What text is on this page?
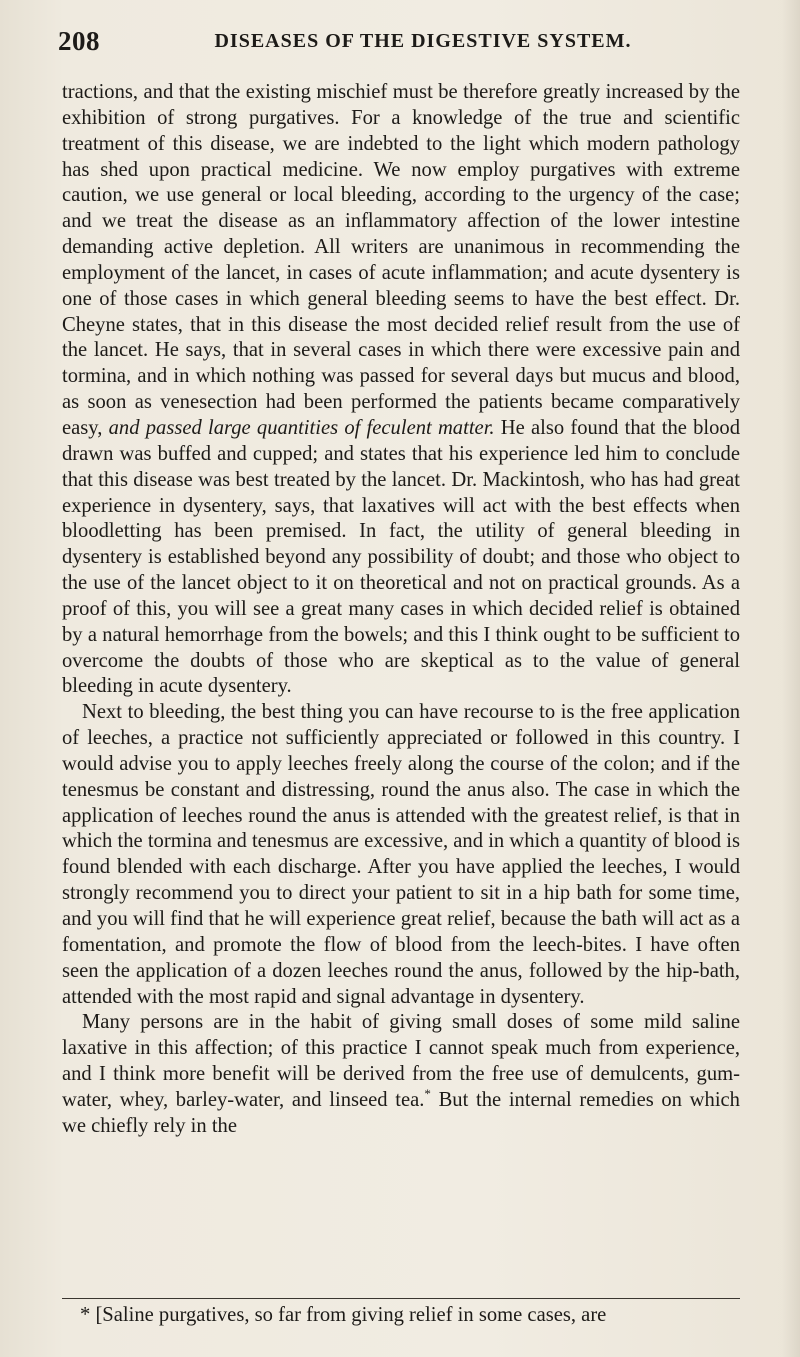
208	DISEASES OF THE DIGESTIVE SYSTEM.

tractions, and that the existing mischief must be therefore greatly increased by the exhibition of strong purgatives. For a knowledge of the true and scientific treatment of this disease, we are indebted to the light which modern pathology has shed upon practical medicine. We now employ purgatives with extreme caution, we use general or local bleeding, according to the urgency of the case; and we treat the disease as an inflammatory affection of the lower intestine demanding active depletion. All writers are unanimous in recommending the employment of the lancet, in cases of acute inflammation; and acute dysentery is one of those cases in which general bleeding seems to have the best effect. Dr. Cheyne states, that in this disease the most decided relief result from the use of the lancet. He says, that in several cases in which there were excessive pain and tormina, and in which nothing was passed for several days but mucus and blood, as soon as venesection had been performed the patients became comparatively easy, and passed large quantities of feculent matter. He also found that the blood drawn was buffed and cupped; and states that his experience led him to conclude that this disease was best treated by the lancet. Dr. Mackintosh, who has had great experience in dysentery, says, that laxatives will act with the best effects when bloodletting has been premised. In fact, the utility of general bleeding in dysentery is established beyond any possibility of doubt; and those who object to the use of the lancet object to it on theoretical and not on practical grounds. As a proof of this, you will see a great many cases in which decided relief is obtained by a natural hemorrhage from the bowels; and this I think ought to be sufficient to overcome the doubts of those who are skeptical as to the value of general bleeding in acute dysentery.

Next to bleeding, the best thing you can have recourse to is the free application of leeches, a practice not sufficiently appreciated or followed in this country. I would advise you to apply leeches freely along the course of the colon; and if the tenesmus be constant and distressing, round the anus also. The case in which the application of leeches round the anus is attended with the greatest relief, is that in which the tormina and tenesmus are excessive, and in which a quantity of blood is found blended with each discharge. After you have applied the leeches, I would strongly recommend you to direct your patient to sit in a hip bath for some time, and you will find that he will experience great relief, because the bath will act as a fomentation, and promote the flow of blood from the leech-bites. I have often seen the application of a dozen leeches round the anus, followed by the hip-bath, attended with the most rapid and signal advantage in dysentery.

Many persons are in the habit of giving small doses of some mild saline laxative in this affection; of this practice I cannot speak much from experience, and I think more benefit will be derived from the free use of demulcents, gum-water, whey, barley-water, and linseed tea.* But the internal remedies on which we chiefly rely in the

* [Saline purgatives, so far from giving relief in some cases, are
